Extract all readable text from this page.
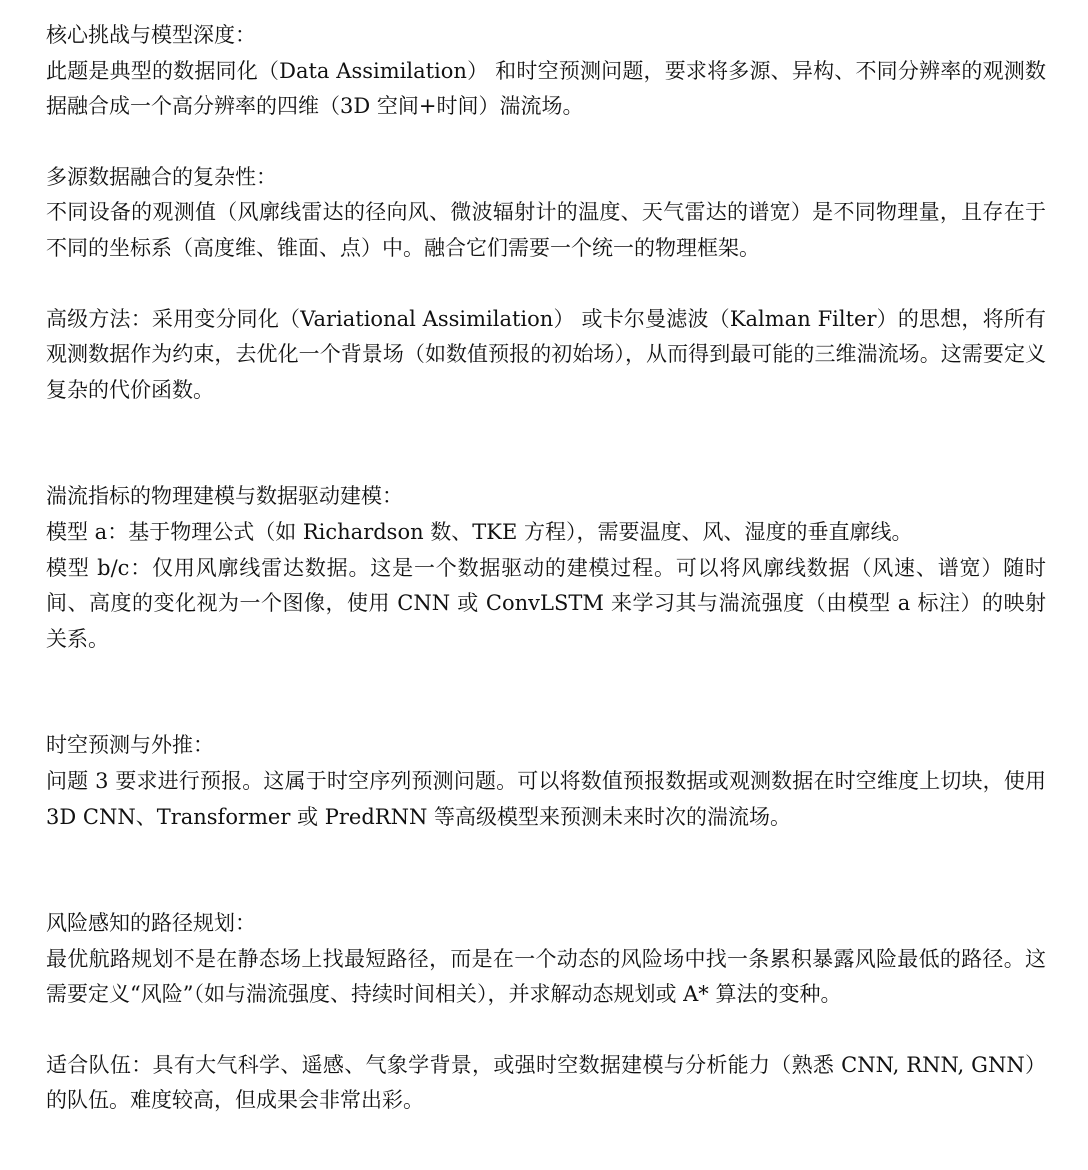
核心挑战与模型深度：

此题是典型的数据同化（Data Assimilation） 和时空预测问题，要求将多源、异构、不同分辨率的观测数据融合成一个高分辨率的四维（3D 空间+时间）湍流场。

多源数据融合的复杂性：

不同设备的观测值（风廓线雷达的径向风、微波辐射计的温度、天气雷达的谱宽）是不同物理量，且存在于不同的坐标系（高度维、锥面、点）中。融合它们需要一个统一的物理框架。

高级方法：采用变分同化（Variational Assimilation） 或卡尔曼滤波（Kalman Filter）的思想，将所有观测数据作为约束，去优化一个背景场（如数值预报的初始场），从而得到最可能的三维湍流场。这需要定义复杂的代价函数。

湍流指标的物理建模与数据驱动建模：

模型 a：基于物理公式（如 Richardson 数、TKE 方程），需要温度、风、湿度的垂直廓线。

模型 b/c：仅用风廓线雷达数据。这是一个数据驱动的建模过程。可以将风廓线数据（风速、谱宽）随时间、高度的变化视为一个图像，使用 CNN 或 ConvLSTM 来学习其与湍流强度（由模型 a 标注）的映射关系。

时空预测与外推：

问题 3 要求进行预报。这属于时空序列预测问题。可以将数值预报数据或观测数据在时空维度上切块，使用 3D CNN、Transformer 或 PredRNN 等高级模型来预测未来时次的湍流场。

风险感知的路径规划：

最优航路规划不是在静态场上找最短路径，而是在一个动态的风险场中找一条累积暴露风险最低的路径。这需要定义“风险”（如与湍流强度、持续时间相关），并求解动态规划或 A* 算法的变种。

适合队伍：具有大气科学、遥感、气象学背景，或强时空数据建模与分析能力（熟悉 CNN, RNN, GNN）的队伍。难度较高，但成果会非常出彩。
